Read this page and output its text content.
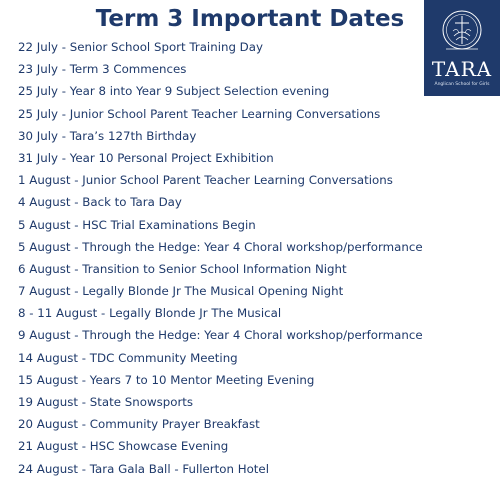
Term 3 Important Dates
TARA
Anglican School for Girls
22 July - Senior School Sport Training Day
23 July - Term 3 Commences
25 July - Year 8 into Year 9 Subject Selection evening
25 July - Junior School Parent Teacher Learning Conversations
30 July - Tara’s 127th Birthday
31 July - Year 10 Personal Project Exhibition
1 August - Junior School Parent Teacher Learning Conversations
4 August - Back to Tara Day
5 August - HSC Trial Examinations Begin
5 August - Through the Hedge: Year 4 Choral workshop/performance
6 August - Transition to Senior School Information Night
7 August - Legally Blonde Jr The Musical Opening Night
8 - 11 August - Legally Blonde Jr The Musical
9 August - Through the Hedge: Year 4 Choral workshop/performance
14 August - TDC Community Meeting
15 August - Years 7 to 10 Mentor Meeting Evening
19 August - State Snowsports
20 August - Community Prayer Breakfast
21 August - HSC Showcase Evening
24 August - Tara Gala Ball - Fullerton Hotel
